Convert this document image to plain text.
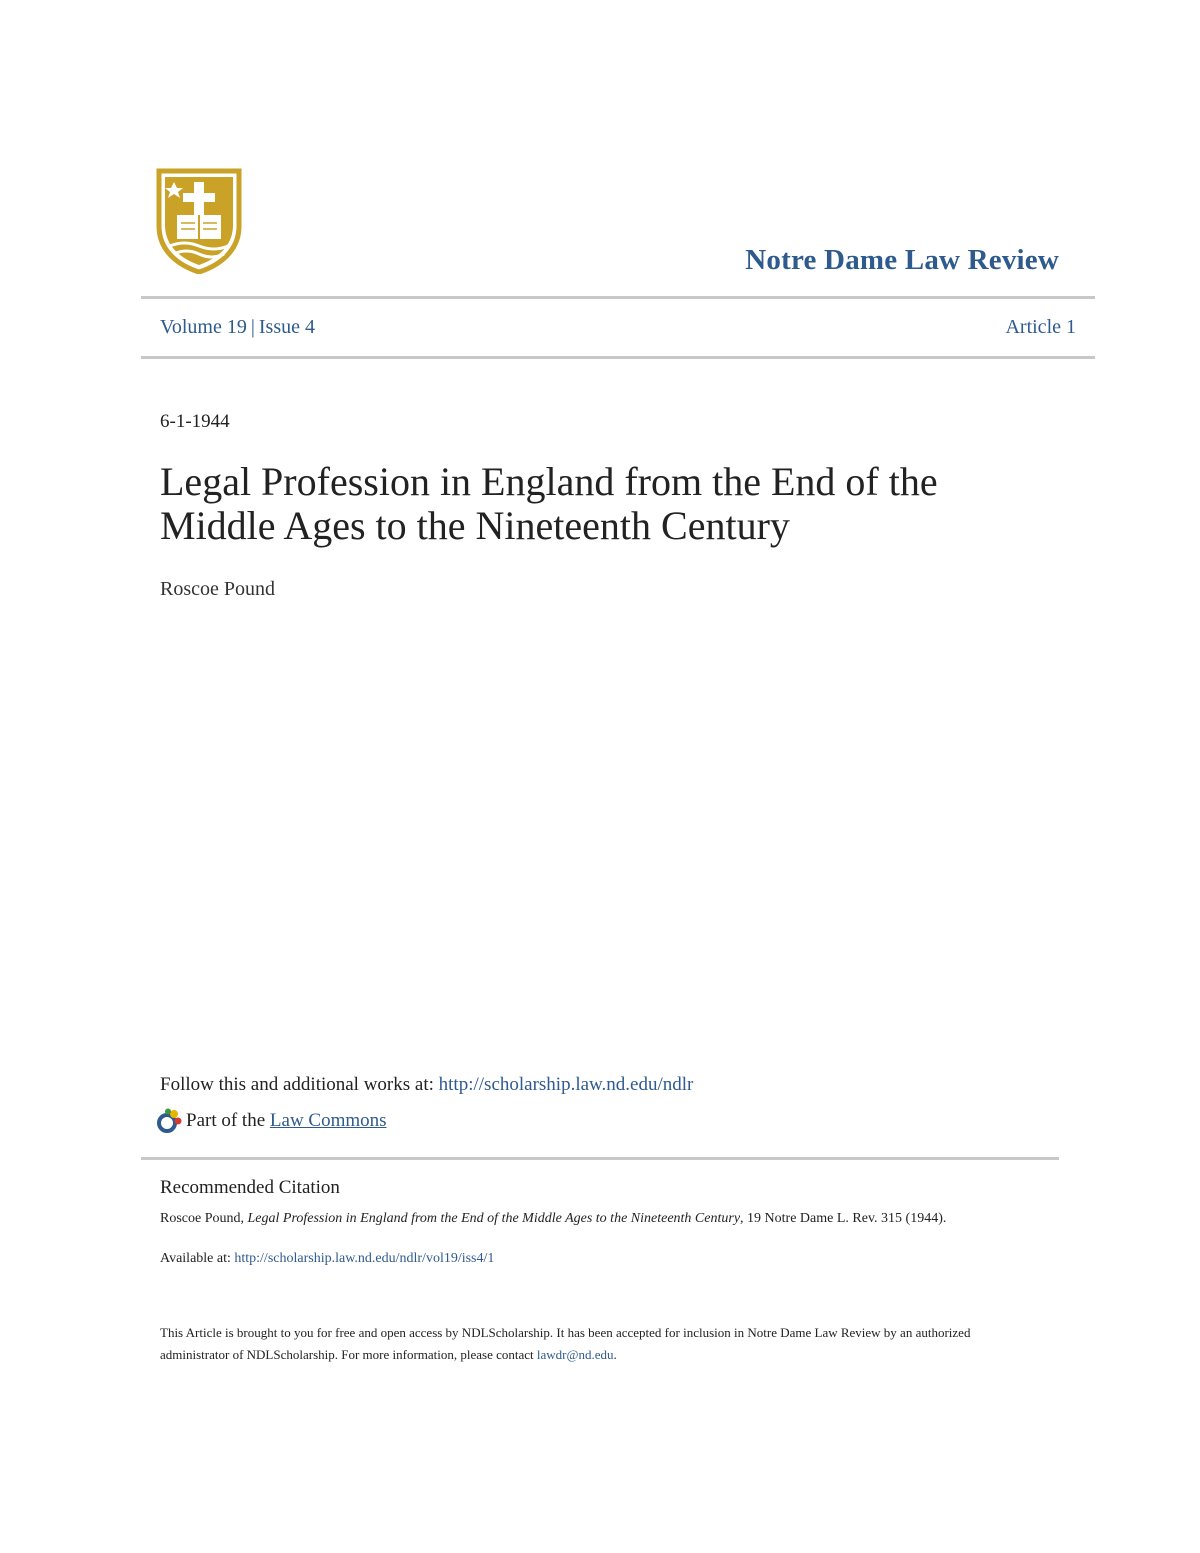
Notre Dame Law Review
Volume 19 | Issue 4	Article 1
6-1-1944
Legal Profession in England from the End of the Middle Ages to the Nineteenth Century
Roscoe Pound
Follow this and additional works at: http://scholarship.law.nd.edu/ndlr
Part of the Law Commons
Recommended Citation
Roscoe Pound, Legal Profession in England from the End of the Middle Ages to the Nineteenth Century, 19 Notre Dame L. Rev. 315 (1944).
Available at: http://scholarship.law.nd.edu/ndlr/vol19/iss4/1
This Article is brought to you for free and open access by NDLScholarship. It has been accepted for inclusion in Notre Dame Law Review by an authorized administrator of NDLScholarship. For more information, please contact lawdr@nd.edu.
